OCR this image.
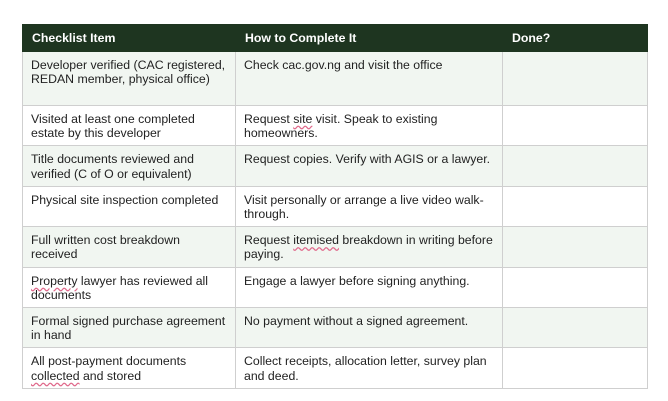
Checklist Item	How to Complete It	Done?
Developer verified (CAC registered, REDAN member, physical office)	Check cac.gov.ng and visit the office	
Visited at least one completed estate by this developer	Request site visit. Speak to existing homeowners.	
Title documents reviewed and verified (C of O or equivalent)	Request copies. Verify with AGIS or a lawyer.	
Physical site inspection completed	Visit personally or arrange a live video walk-through.	
Full written cost breakdown received	Request itemised breakdown in writing before paying.	
Property lawyer has reviewed all documents	Engage a lawyer before signing anything.	
Formal signed purchase agreement in hand	No payment without a signed agreement.	
All post-payment documents collected and stored	Collect receipts, allocation letter, survey plan and deed.	
